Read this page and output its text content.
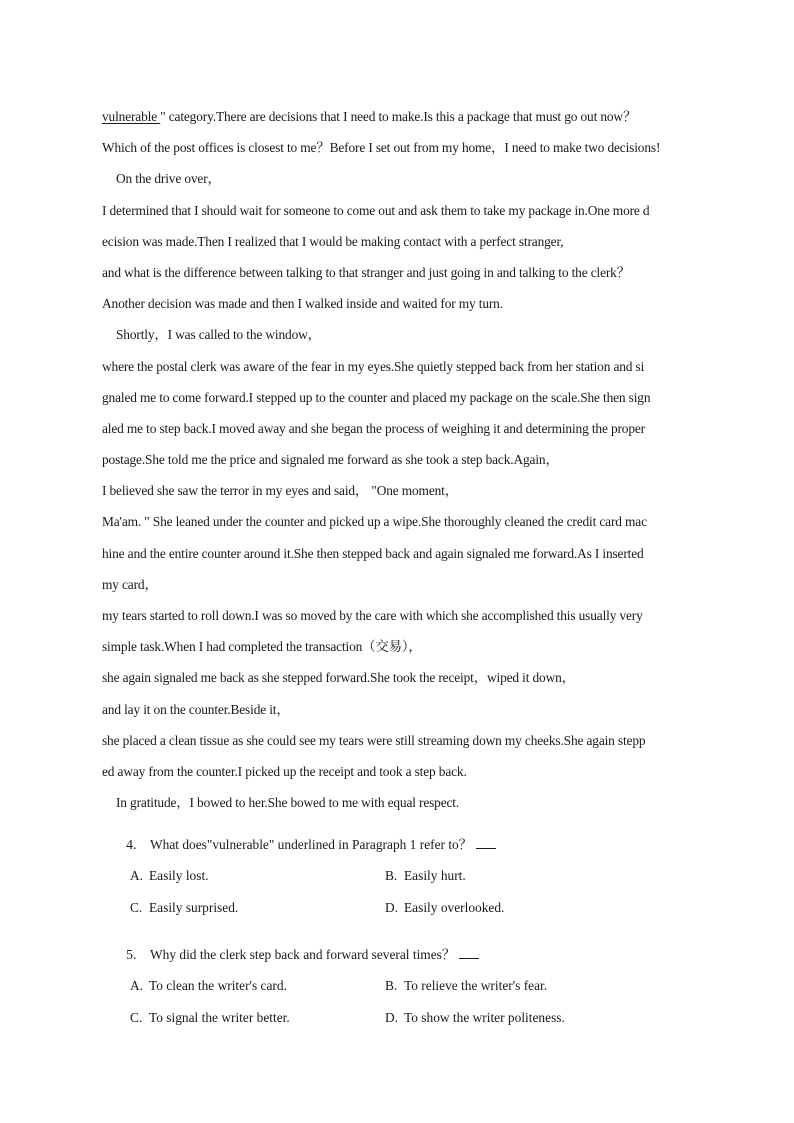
vulnerable " category.There are decisions that I need to make.Is this a package that must go out now？
Which of the post offices is closest to me？Before I set out from my home，I need to make two decisions!
On the drive over，
I determined that I should wait for someone to come out and ask them to take my package in.One more d
ecision was made.Then I realized that I would be making contact with a perfect stranger,
and what is the difference between talking to that stranger and just going in and talking to the clerk？
Another decision was made and then I walked inside and waited for my turn.
Shortly，I was called to the window，
where the postal clerk was aware of the fear in my eyes.She quietly stepped back from her station and si
gnaled me to come forward.I stepped up to the counter and placed my package on the scale.She then sign
aled me to step back.I moved away and she began the process of weighing it and determining the proper
postage.She told me the price and signaled me forward as she took a step back.Again，
I believed she saw the terror in my eyes and said， "One moment，
Ma'am. " She leaned under the counter and picked up a wipe.She thoroughly cleaned the credit card mac
hine and the entire counter around it.She then stepped back and again signaled me forward.As I inserted
my card，
my tears started to roll down.I was so moved by the care with which she accomplished this usually very
simple task.When I had completed the transaction（交易），
she again signaled me back as she stepped forward.She took the receipt，wiped it down，
and lay it on the counter.Beside it，
she placed a clean tissue as she could see my tears were still streaming down my cheeks.She again stepp
ed away from the counter.I picked up the receipt and took a step back.
In gratitude，I bowed to her.She bowed to me with equal respect.
4. What does"vulnerable" underlined in Paragraph 1 refer to？
A. Easily lost.	B. Easily hurt.
C. Easily surprised.	D. Easily overlooked.
5. Why did the clerk step back and forward several times？
A. To clean the writer's card.	B. To relieve the writer's fear.
C. To signal the writer better.	D. To show the writer politeness.
